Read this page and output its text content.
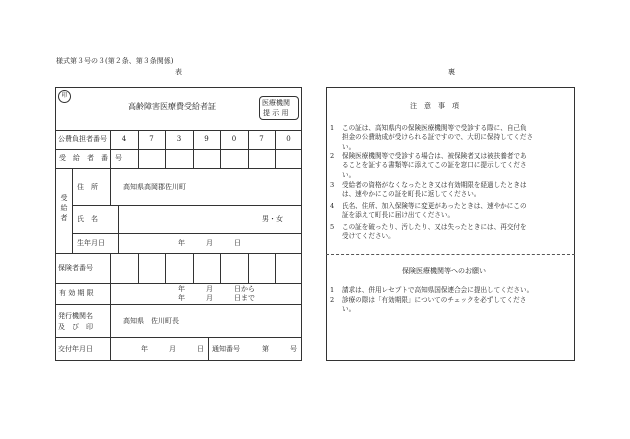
様式第３号の３(第２条、第３条関係)
表	裏
印
高齢障害医療費受給者証	医療機関
提 示 用
公費負担者番号	4	7	3	9	0	7	0
受　給　者　番　号
受給者
住　所	高知県高岡郡佐川町
氏　名	男・女
生年月日	年　　　月　　　日
保険者番号
有 効 期 限	年　　　月　　　日から
年　　　月　　　日まで
発行機関名
及　び　印
高知県　佐川町長
交付年月日	年　　　月　　　日 通知番号	第　　　号
注　意　事　項
1 この証は、高知県内の保険医療機関等で受診する際に、自己負
担金の公費助成が受けられる証ですので、大切に保持してくださ
い。
2 保険医療機関等で受診する場合は、被保険者又は被扶養者であ
ることを証する書類等に添えてこの証を窓口に提示してくださ
い。
3 受給者の資格がなくなったとき又は有効期限を経過したときは
は、速やかにこの証を町長に返してください。
4 氏名、住所、加入保険等に変更があったときは、速やかにこの
証を添えて町長に届け出てください。
5 この証を破ったり、汚したり、又は失ったときには、再交付を
受けてください。
保険医療機関等へのお願い
1 請求は、併用レセプトで高知県国保連合会に提出してください。
2 診療の際は「有効期限」についてのチェックを必ずしてくださ
い。
